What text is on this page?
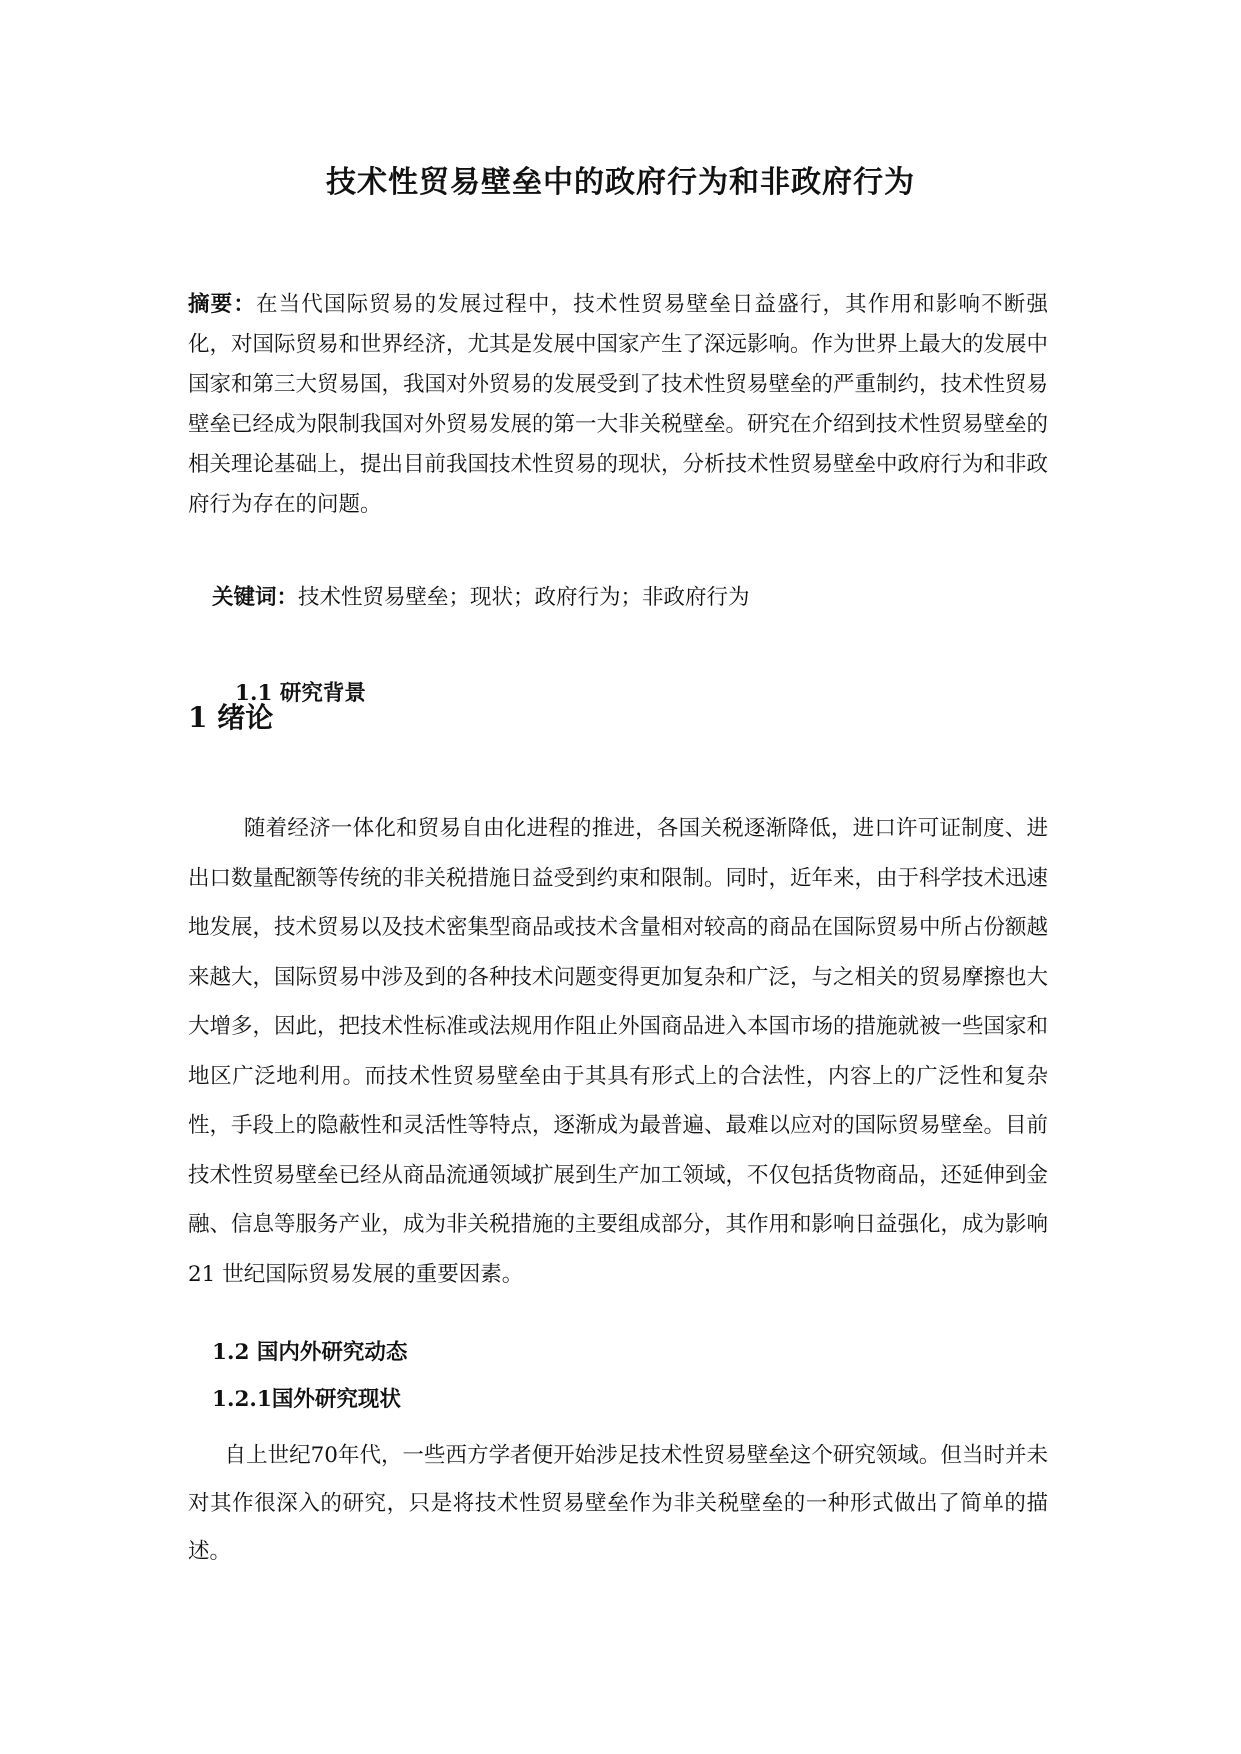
技术性贸易壁垒中的政府行为和非政府行为
摘要：在当代国际贸易的发展过程中，技术性贸易壁垒日益盛行，其作用和影响不断强化，对国际贸易和世界经济，尤其是发展中国家产生了深远影响。作为世界上最大的发展中国家和第三大贸易国，我国对外贸易的发展受到了技术性贸易壁垒的严重制约，技术性贸易壁垒已经成为限制我国对外贸易发展的第一大非关税壁垒。研究在介绍到技术性贸易壁垒的相关理论基础上，提出目前我国技术性贸易的现状，分析技术性贸易壁垒中政府行为和非政府行为存在的问题。
关键词：技术性贸易壁垒；现状；政府行为；非政府行为
1 绪论
1.1 研究背景
随着经济一体化和贸易自由化进程的推进，各国关税逐渐降低，进口许可证制度、进出口数量配额等传统的非关税措施日益受到约束和限制。同时，近年来，由于科学技术迅速地发展，技术贸易以及技术密集型商品或技术含量相对较高的商品在国际贸易中所占份额越来越大，国际贸易中涉及到的各种技术问题变得更加复杂和广泛，与之相关的贸易摩擦也大大增多，因此，把技术性标准或法规用作阻止外国商品进入本国市场的措施就被一些国家和地区广泛地利用。而技术性贸易壁垒由于其具有形式上的合法性，内容上的广泛性和复杂性，手段上的隐蔽性和灵活性等特点，逐渐成为最普遍、最难以应对的国际贸易壁垒。目前技术性贸易壁垒已经从商品流通领域扩展到生产加工领域，不仅包括货物商品，还延伸到金融、信息等服务产业，成为非关税措施的主要组成部分，其作用和影响日益强化，成为影响 21 世纪国际贸易发展的重要因素。
1.2 国内外研究动态
1.2.1国外研究现状
自上世纪70年代，一些西方学者便开始涉足技术性贸易壁垒这个研究领域。但当时并未对其作很深入的研究，只是将技术性贸易壁垒作为非关税壁垒的一种形式做出了简单的描述。
